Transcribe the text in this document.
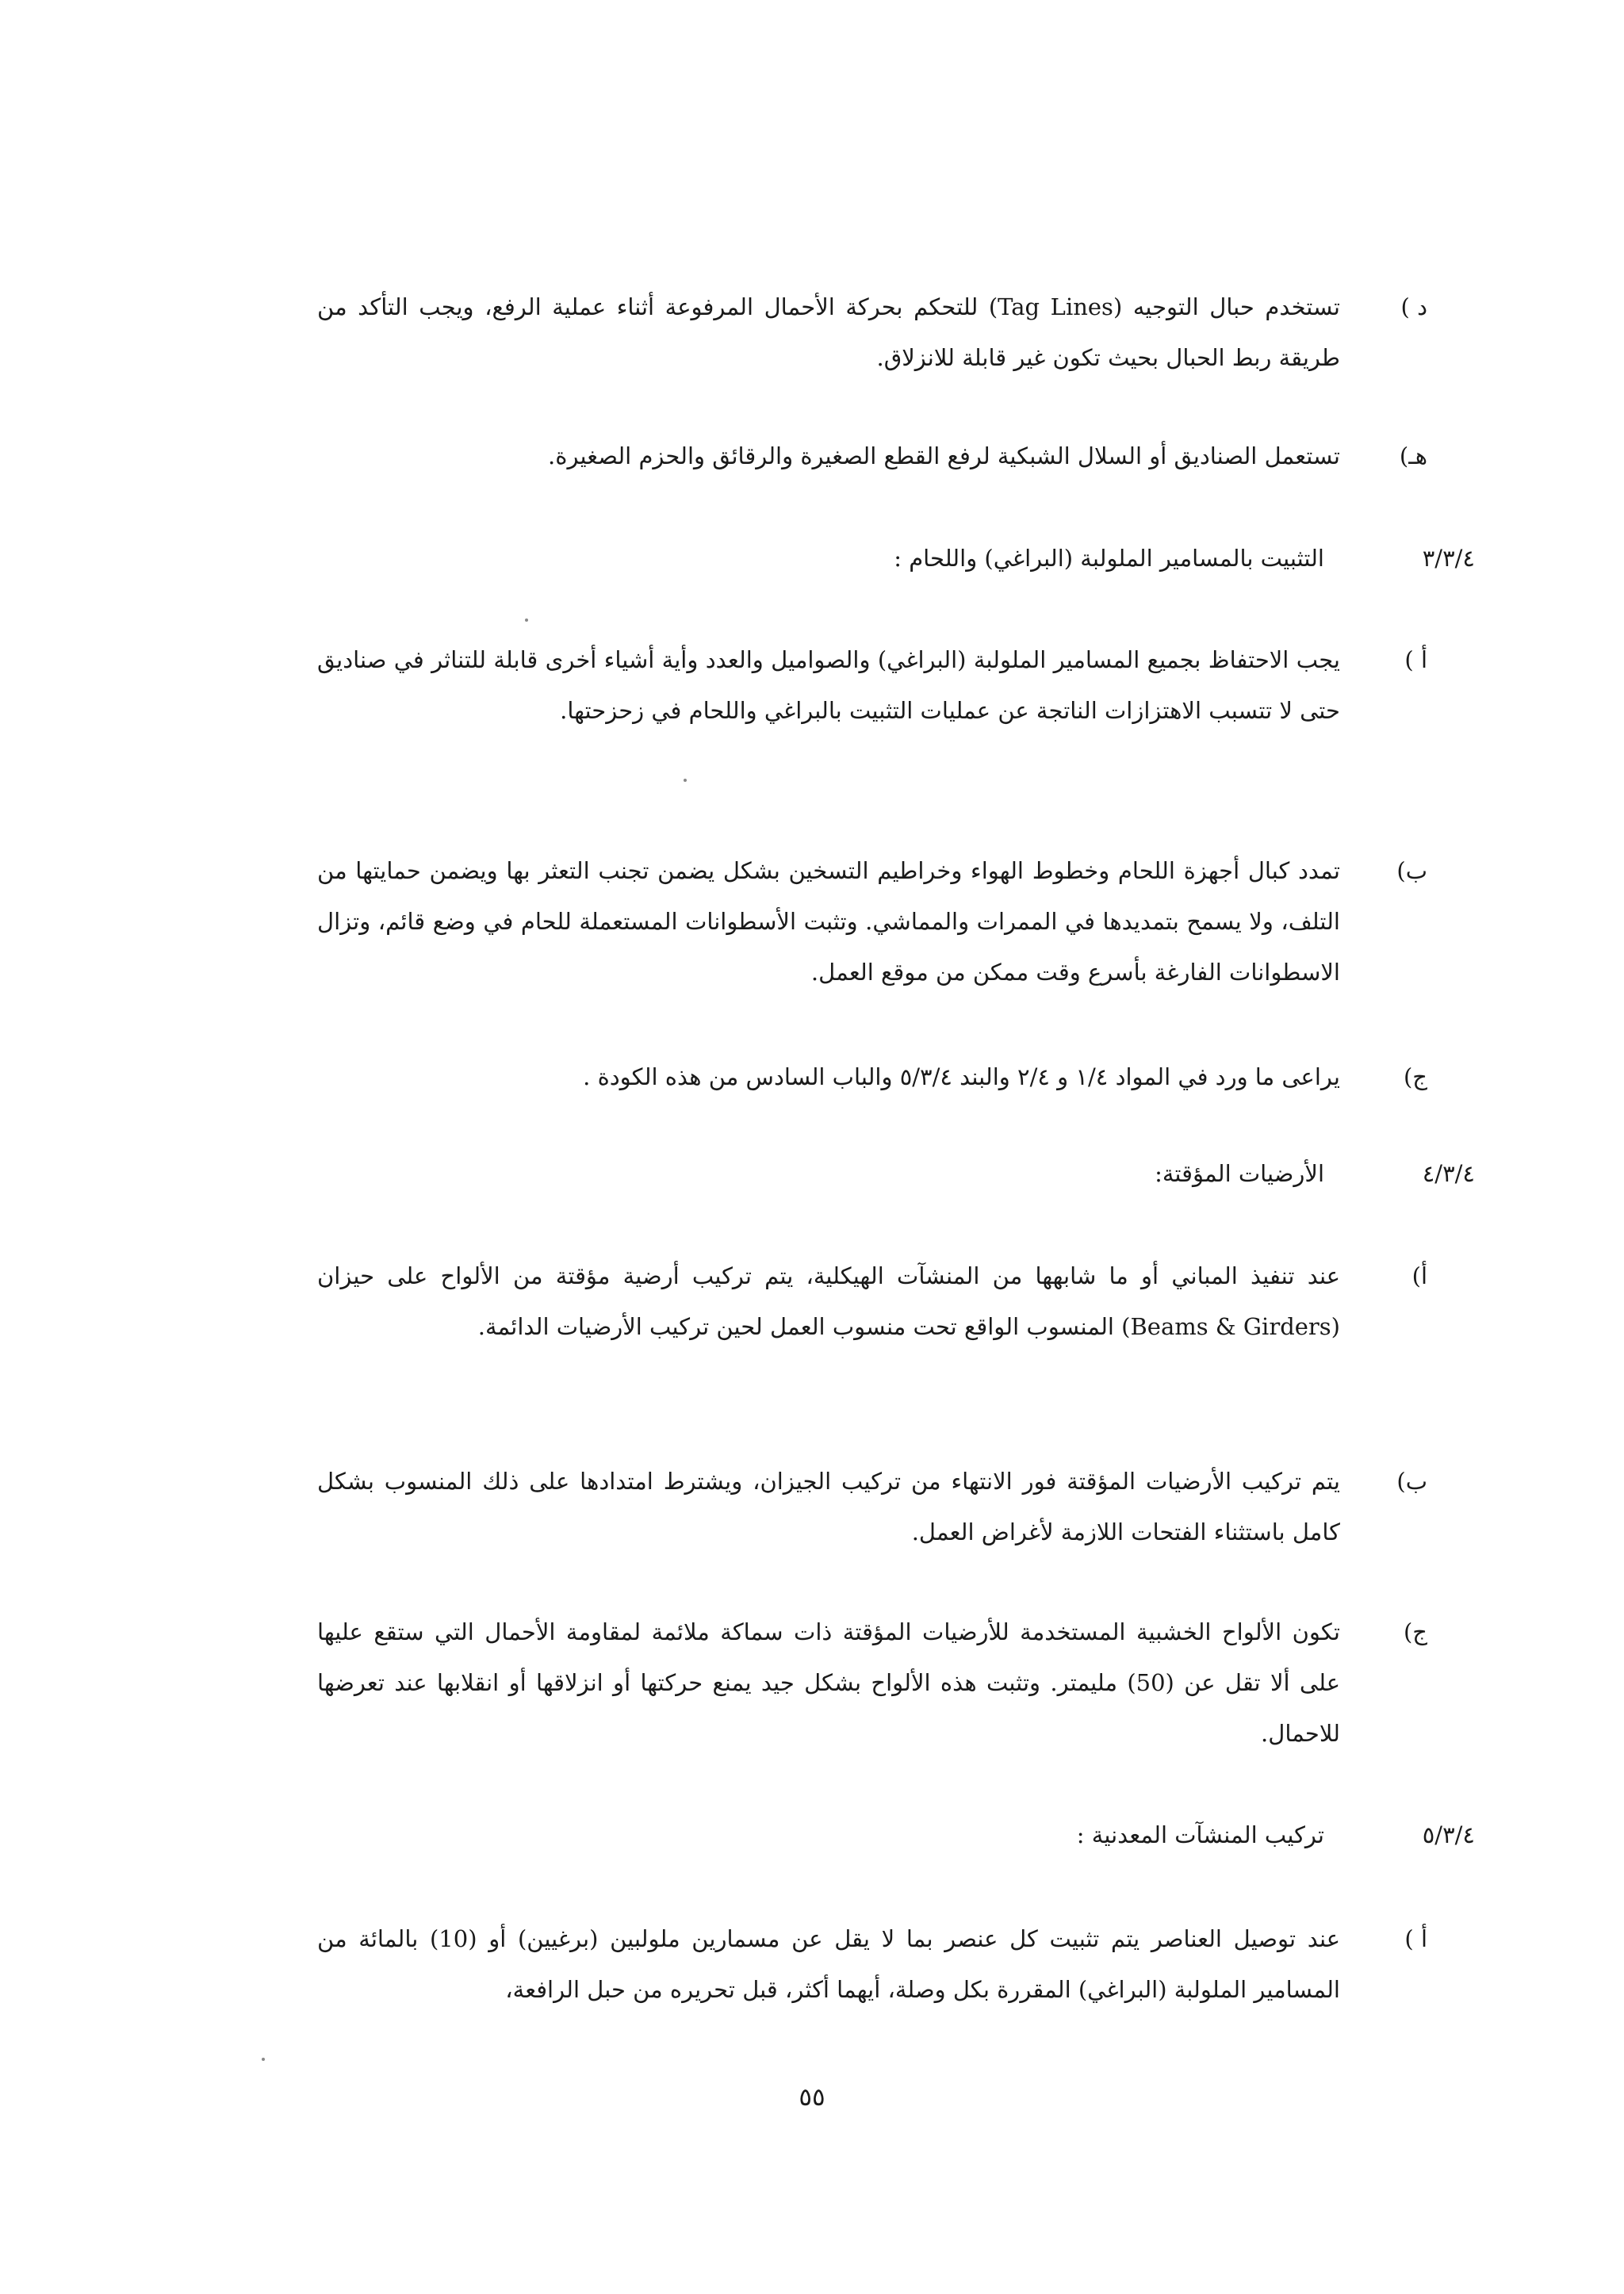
د )
تستخدم حبال التوجيه (Tag Lines) للتحكم بحركة الأحمال المرفوعة أثناء عملية الرفع، ويجب التأكد من طريقة ربط الحبال بحيث تكون غير قابلة للانزلاق.
هـ)
تستعمل الصناديق أو السلال الشبكية لرفع القطع الصغيرة والرقائق والحزم الصغيرة.
٣/٣/٤
التثبيت بالمسامير الملولبة (البراغي) واللحام :
أ )
يجب الاحتفاظ بجميع المسامير الملولبة (البراغي) والصواميل والعدد وأية أشياء أخرى قابلة للتناثر في صناديق حتى لا تتسبب الاهتزازات الناتجة عن عمليات التثبيت بالبراغي واللحام في زحزحتها.
ب)
تمدد كبال أجهزة اللحام وخطوط الهواء وخراطيم التسخين بشكل يضمن تجنب التعثر بها ويضمن حمايتها من التلف، ولا يسمح بتمديدها في الممرات والمماشي. وتثبت الأسطوانات المستعملة للحام في وضع قائم، وتزال الاسطوانات الفارغة بأسرع وقت ممكن من موقع العمل.
ج)
يراعى ما ورد في المواد ١/٤ و ٢/٤ والبند ٥/٣/٤ والباب السادس من هذه الكودة .
٤/٣/٤
الأرضيات المؤقتة:
أ)
عند تنفيذ المباني أو ما شابهها من المنشآت الهيكلية، يتم تركيب أرضية مؤقتة من الألواح على حيزان (Beams & Girders) المنسوب الواقع تحت منسوب العمل لحين تركيب الأرضيات الدائمة.
ب)
يتم تركيب الأرضيات المؤقتة فور الانتهاء من تركيب الجيزان، ويشترط امتدادها على ذلك المنسوب بشكل كامل باستثناء الفتحات اللازمة لأغراض العمل.
ج)
تكون الألواح الخشبية المستخدمة للأرضيات المؤقتة ذات سماكة ملائمة لمقاومة الأحمال التي ستقع عليها على ألا تقل عن (50) مليمتر. وتثبت هذه الألواح بشكل جيد يمنع حركتها أو انزلاقها أو انقلابها عند تعرضها للاحمال.
٥/٣/٤
تركيب المنشآت المعدنية :
أ )
عند توصيل العناصر يتم تثبيت كل عنصر بما لا يقل عن مسمارين ملولبين (برغيين) أو (10) بالمائة من المسامير الملولبة (البراغي) المقررة بكل وصلة، أيهما أكثر، قبل تحريره من حبل الرافعة،
٥٥
